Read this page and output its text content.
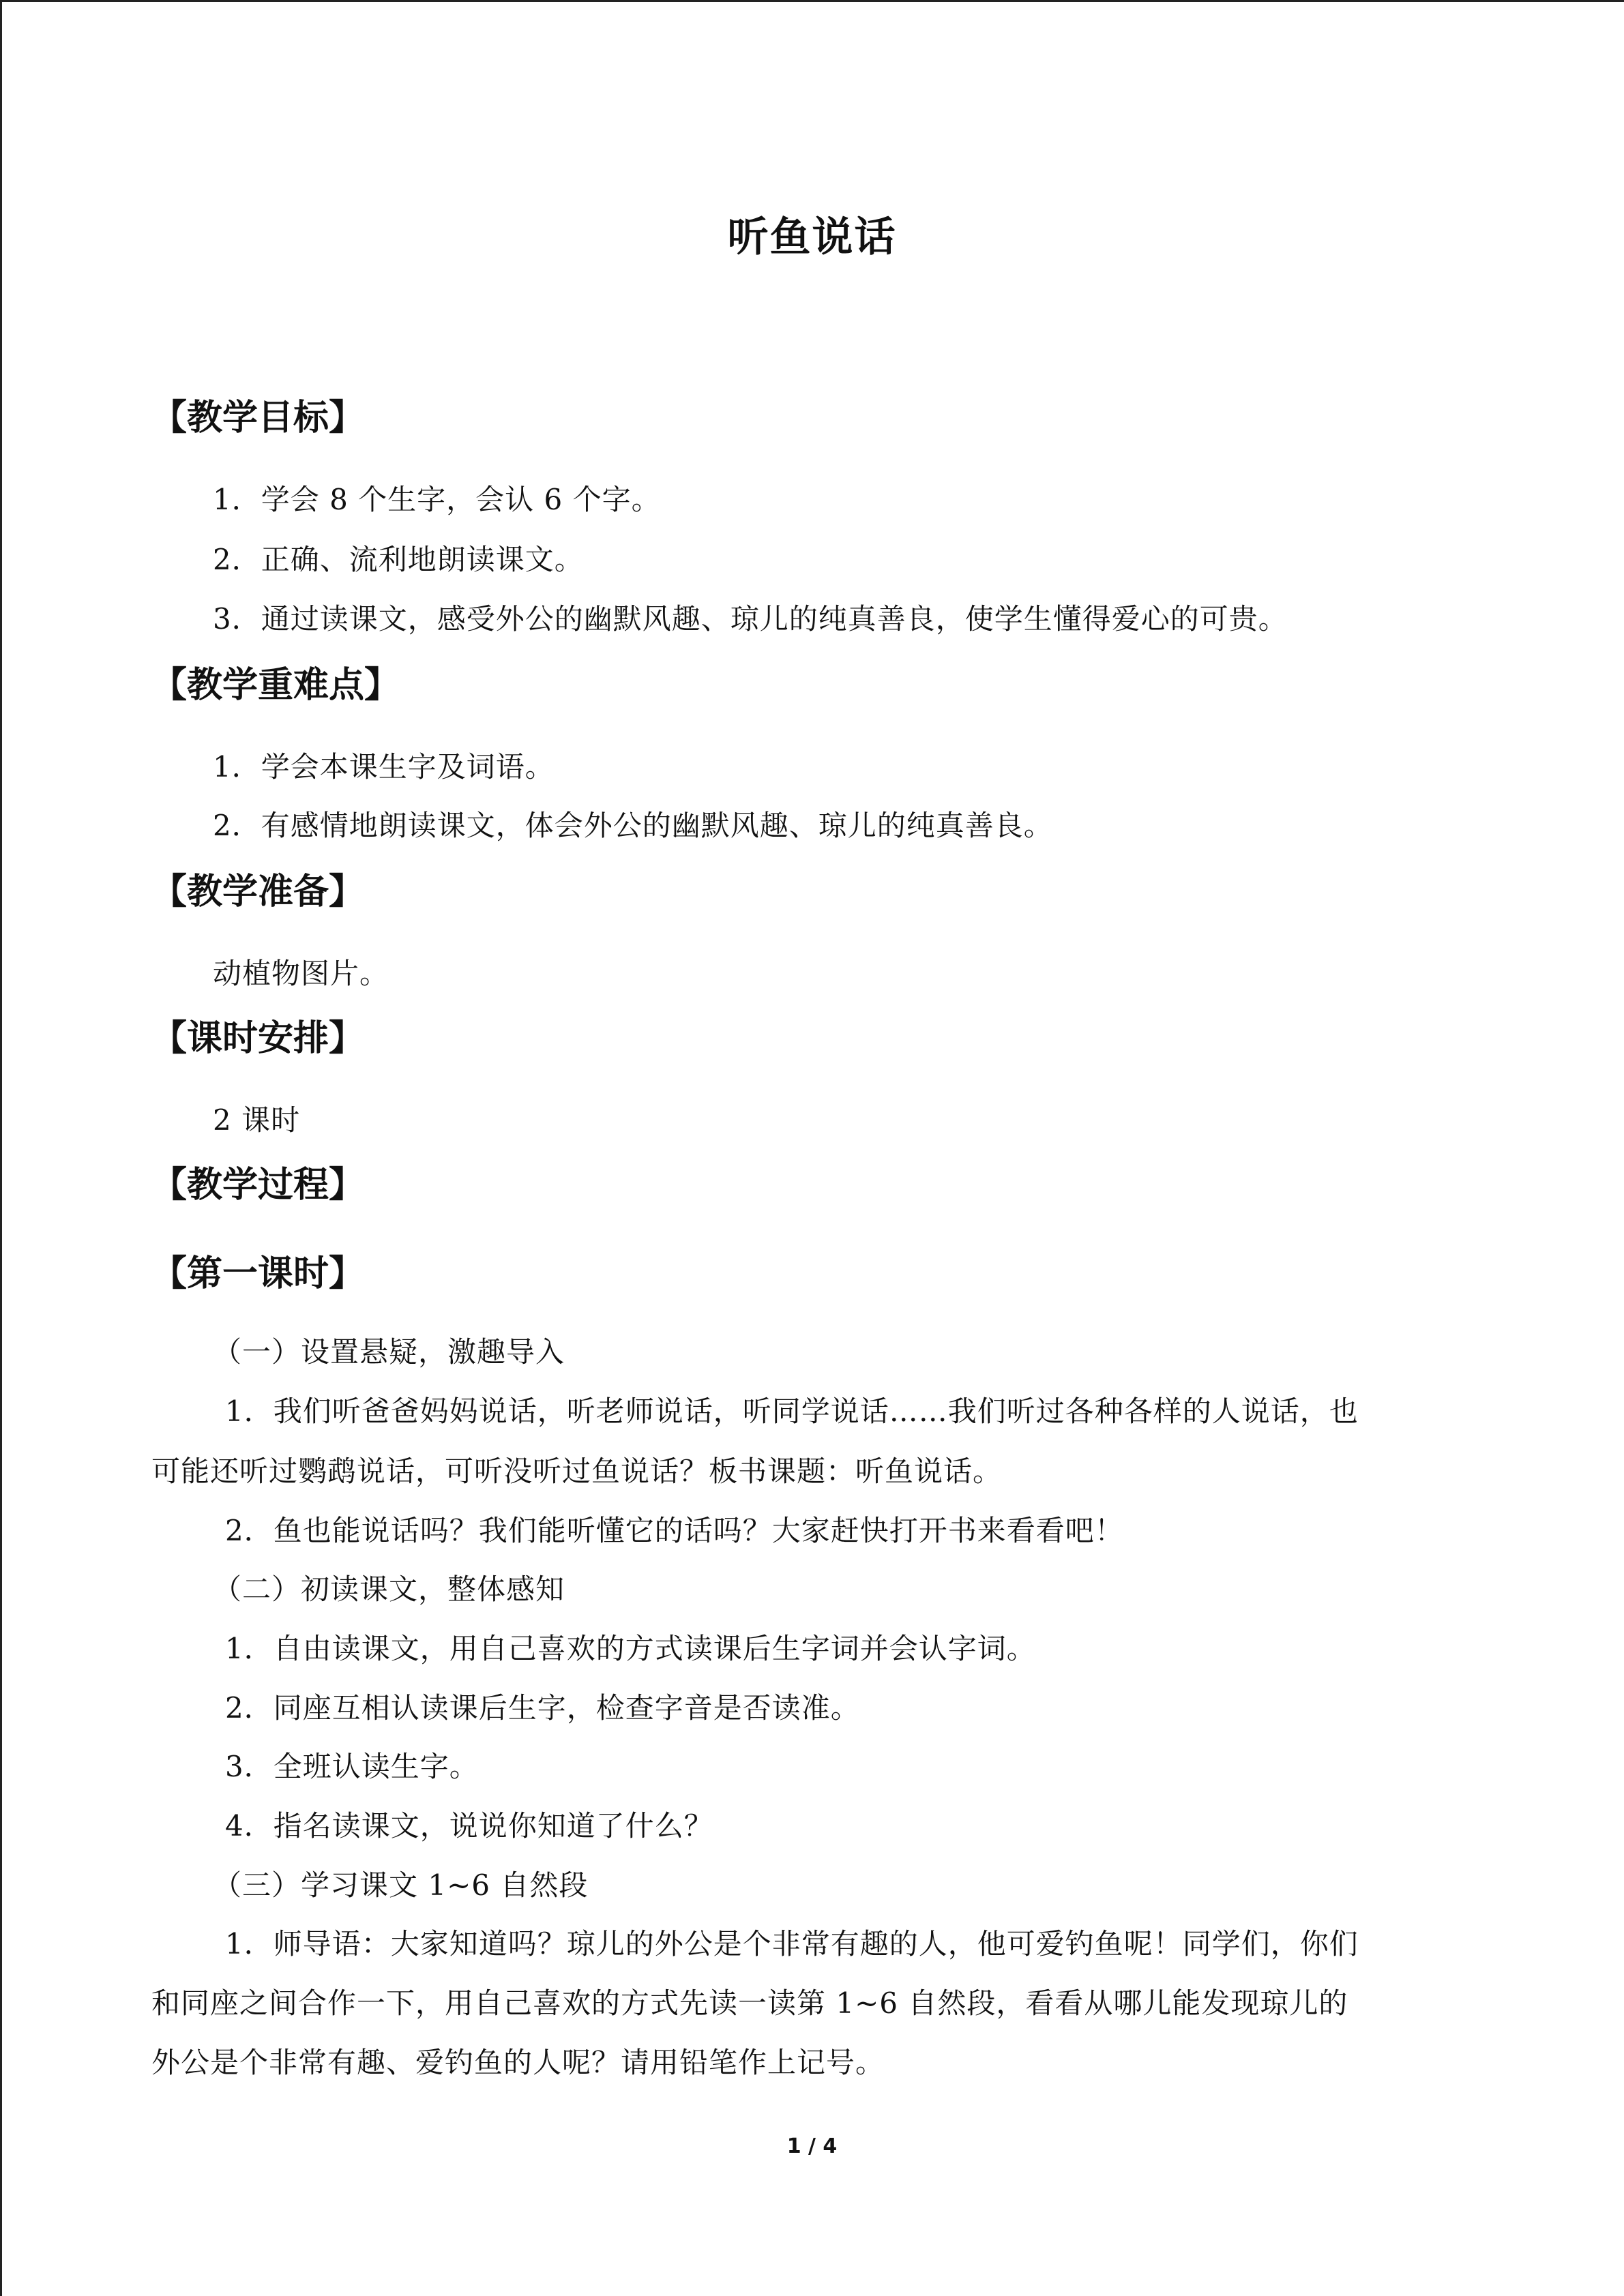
听鱼说话
【教学目标】
1．学会 8 个生字，会认 6 个字。
2．正确、流利地朗读课文。
3．通过读课文，感受外公的幽默风趣、琼儿的纯真善良，使学生懂得爱心的可贵。
【教学重难点】
1．学会本课生字及词语。
2．有感情地朗读课文，体会外公的幽默风趣、琼儿的纯真善良。
【教学准备】
动植物图片。
【课时安排】
2 课时
【教学过程】
【第一课时】
（一）设置悬疑，激趣导入
1．我们听爸爸妈妈说话，听老师说话，听同学说话……我们听过各种各样的人说话，也
可能还听过鹦鹉说话，可听没听过鱼说话？板书课题：听鱼说话。
2．鱼也能说话吗？我们能听懂它的话吗？大家赶快打开书来看看吧！
（二）初读课文，整体感知
1．自由读课文，用自己喜欢的方式读课后生字词并会认字词。
2．同座互相认读课后生字，检查字音是否读准。
3．全班认读生字。
4．指名读课文，说说你知道了什么？
（三）学习课文 1~6 自然段
1．师导语：大家知道吗？琼儿的外公是个非常有趣的人，他可爱钓鱼呢！同学们，你们
和同座之间合作一下，用自己喜欢的方式先读一读第 1~6 自然段，看看从哪儿能发现琼儿的
外公是个非常有趣、爱钓鱼的人呢？请用铅笔作上记号。
1 / 4
